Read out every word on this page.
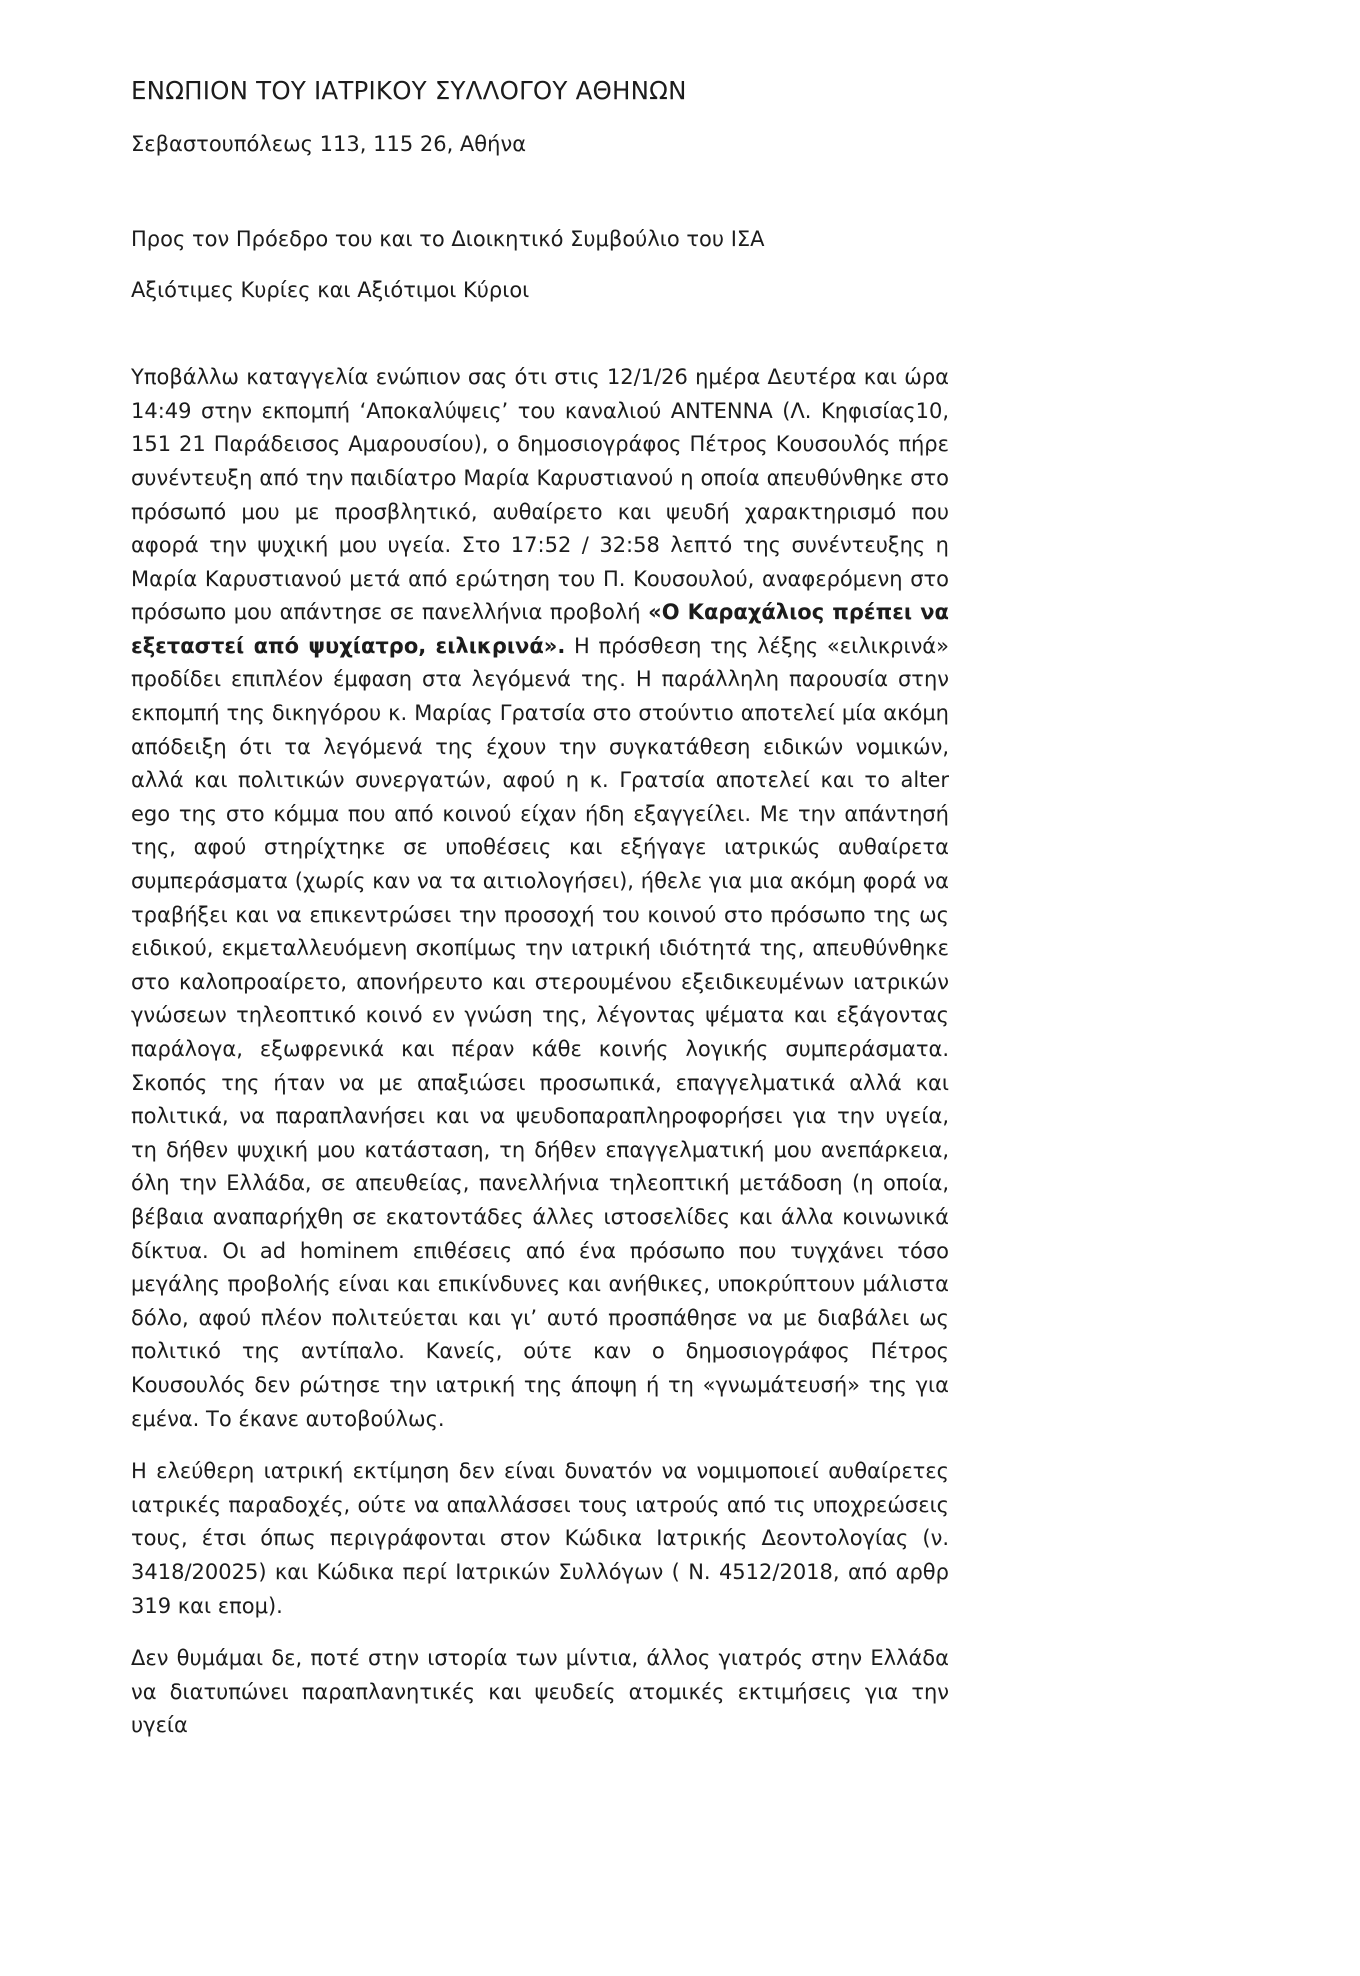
ΕΝΩΠΙΟΝ ΤΟΥ ΙΑΤΡΙΚΟΥ ΣΥΛΛΟΓΟΥ ΑΘΗΝΩΝ

Σεβαστουπόλεως 113, 115 26, Αθήνα

Προς τον Πρόεδρο του και το Διοικητικό Συμβούλιο του ΙΣΑ

Αξιότιμες Κυρίες και Αξιότιμοι Κύριοι

Υποβάλλω καταγγελία ενώπιον σας ότι στις 12/1/26 ημέρα Δευτέρα και ώρα 14:49 στην εκπομπή ‘Αποκαλύψεις’ του καναλιού ΑΝΤΕΝΝΑ (Λ. Κηφισίας10, 151 21 Παράδεισος Αμαρουσίου), ο δημοσιογράφος Πέτρος Κουσουλός πήρε συνέντευξη από την παιδίατρο Μαρία Καρυστιανού η οποία απευθύνθηκε στο πρόσωπό μου με προσβλητικό, αυθαίρετο και ψευδή χαρακτηρισμό που αφορά την ψυχική μου υγεία. Στο 17:52 / 32:58 λεπτό της συνέντευξης η Μαρία Καρυστιανού μετά από ερώτηση του Π. Κουσουλού, αναφερόμενη στο πρόσωπο μου απάντησε σε πανελλήνια προβολή «Ο Καραχάλιος πρέπει να εξεταστεί από ψυχίατρο, ειλικρινά». Η πρόσθεση της λέξης «ειλικρινά» προδίδει επιπλέον έμφαση στα λεγόμενά της. Η παράλληλη παρουσία στην εκπομπή της δικηγόρου κ. Μαρίας Γρατσία στο στούντιο αποτελεί μία ακόμη απόδειξη ότι τα λεγόμενά της έχουν την συγκατάθεση ειδικών νομικών, αλλά και πολιτικών συνεργατών, αφού η κ. Γρατσία αποτελεί και το alter ego της στο κόμμα που από κοινού είχαν ήδη εξαγγείλει. Με την απάντησή της, αφού στηρίχτηκε σε υποθέσεις και εξήγαγε ιατρικώς αυθαίρετα συμπεράσματα (χωρίς καν να τα αιτιολογήσει), ήθελε για μια ακόμη φορά να τραβήξει και να επικεντρώσει την προσοχή του κοινού στο πρόσωπο της ως ειδικού, εκμεταλλευόμενη σκοπίμως την ιατρική ιδιότητά της, απευθύνθηκε στο καλοπροαίρετο, απονήρευτο και στερουμένου εξειδικευμένων ιατρικών γνώσεων τηλεοπτικό κοινό εν γνώση της, λέγοντας ψέματα και εξάγοντας παράλογα, εξωφρενικά και πέραν κάθε κοινής λογικής συμπεράσματα. Σκοπός της ήταν να με απαξιώσει προσωπικά, επαγγελματικά αλλά και πολιτικά, να παραπλανήσει και να ψευδοπαραπληροφορήσει για την υγεία, τη δήθεν ψυχική μου κατάσταση, τη δήθεν επαγγελματική μου ανεπάρκεια, όλη την Ελλάδα, σε απευθείας, πανελλήνια τηλεοπτική μετάδοση (η οποία, βέβαια αναπαρήχθη σε εκατοντάδες άλλες ιστοσελίδες και άλλα κοινωνικά δίκτυα. Οι ad hominem επιθέσεις από ένα πρόσωπο που τυγχάνει τόσο μεγάλης προβολής είναι και επικίνδυνες και ανήθικες, υποκρύπτουν μάλιστα δόλο, αφού πλέον πολιτεύεται και γι’ αυτό προσπάθησε να με διαβάλει ως πολιτικό της αντίπαλο. Κανείς, ούτε καν ο δημοσιογράφος Πέτρος Κουσουλός δεν ρώτησε την ιατρική της άποψη ή τη «γνωμάτευσή» της για εμένα. Το έκανε αυτοβούλως.

Η ελεύθερη ιατρική εκτίμηση δεν είναι δυνατόν να νομιμοποιεί αυθαίρετες ιατρικές παραδοχές, ούτε να απαλλάσσει τους ιατρούς από τις υποχρεώσεις τους, έτσι όπως περιγράφονται στον Κώδικα Ιατρικής Δεοντολογίας (ν. 3418/20025) και Κώδικα περί Ιατρικών Συλλόγων ( Ν. 4512/2018, από αρθρ 319 και επομ).

Δεν θυμάμαι δε, ποτέ στην ιστορία των μίντια, άλλος γιατρός στην Ελλάδα να διατυπώνει παραπλανητικές και ψευδείς ατομικές εκτιμήσεις για την υγεία
